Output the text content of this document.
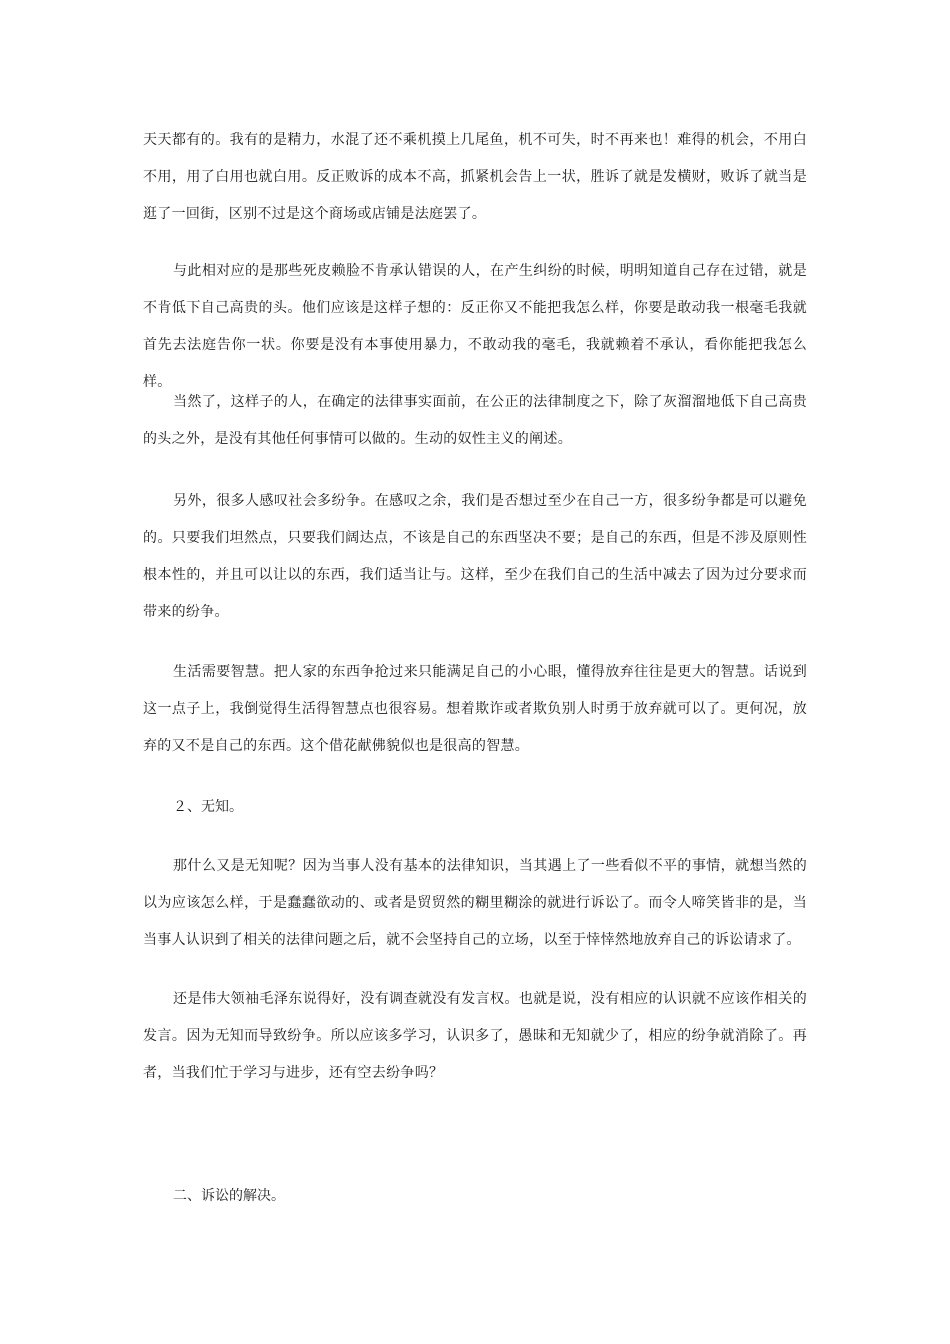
天天都有的。我有的是精力，水混了还不乘机摸上几尾鱼，机不可失，时不再来也！难得的机会，不用白不用，用了白用也就白用。反正败诉的成本不高，抓紧机会告上一状，胜诉了就是发横财，败诉了就当是逛了一回街，区别不过是这个商场或店铺是法庭罢了。

与此相对应的是那些死皮赖脸不肯承认错误的人，在产生纠纷的时候，明明知道自己存在过错，就是不肯低下自己高贵的头。他们应该是这样子想的：反正你又不能把我怎么样，你要是敢动我一根毫毛我就首先去法庭告你一状。你要是没有本事使用暴力，不敢动我的毫毛，我就赖着不承认，看你能把我怎么样。

当然了，这样子的人，在确定的法律事实面前，在公正的法律制度之下，除了灰溜溜地低下自己高贵的头之外，是没有其他任何事情可以做的。生动的奴性主义的阐述。

另外，很多人感叹社会多纷争。在感叹之余，我们是否想过至少在自己一方，很多纷争都是可以避免的。只要我们坦然点，只要我们阔达点，不该是自己的东西坚决不要；是自己的东西，但是不涉及原则性根本性的，并且可以让以的东西，我们适当让与。这样，至少在我们自己的生活中减去了因为过分要求而带来的纷争。

生活需要智慧。把人家的东西争抢过来只能满足自己的小心眼，懂得放弃往往是更大的智慧。话说到这一点子上，我倒觉得生活得智慧点也很容易。想着欺诈或者欺负别人时勇于放弃就可以了。更何况，放弃的又不是自己的东西。这个借花献佛貌似也是很高的智慧。

２、无知。

那什么又是无知呢？因为当事人没有基本的法律知识，当其遇上了一些看似不平的事情，就想当然的以为应该怎么样，于是蠢蠢欲动的、或者是贸贸然的糊里糊涂的就进行诉讼了。而令人啼笑皆非的是，当当事人认识到了相关的法律问题之后，就不会坚持自己的立场，以至于悻悻然地放弃自己的诉讼请求了。

还是伟大领袖毛泽东说得好，没有调查就没有发言权。也就是说，没有相应的认识就不应该作相关的发言。因为无知而导致纷争。所以应该多学习，认识多了，愚昧和无知就少了，相应的纷争就消除了。再者，当我们忙于学习与进步，还有空去纷争吗？

二、诉讼的解决。
